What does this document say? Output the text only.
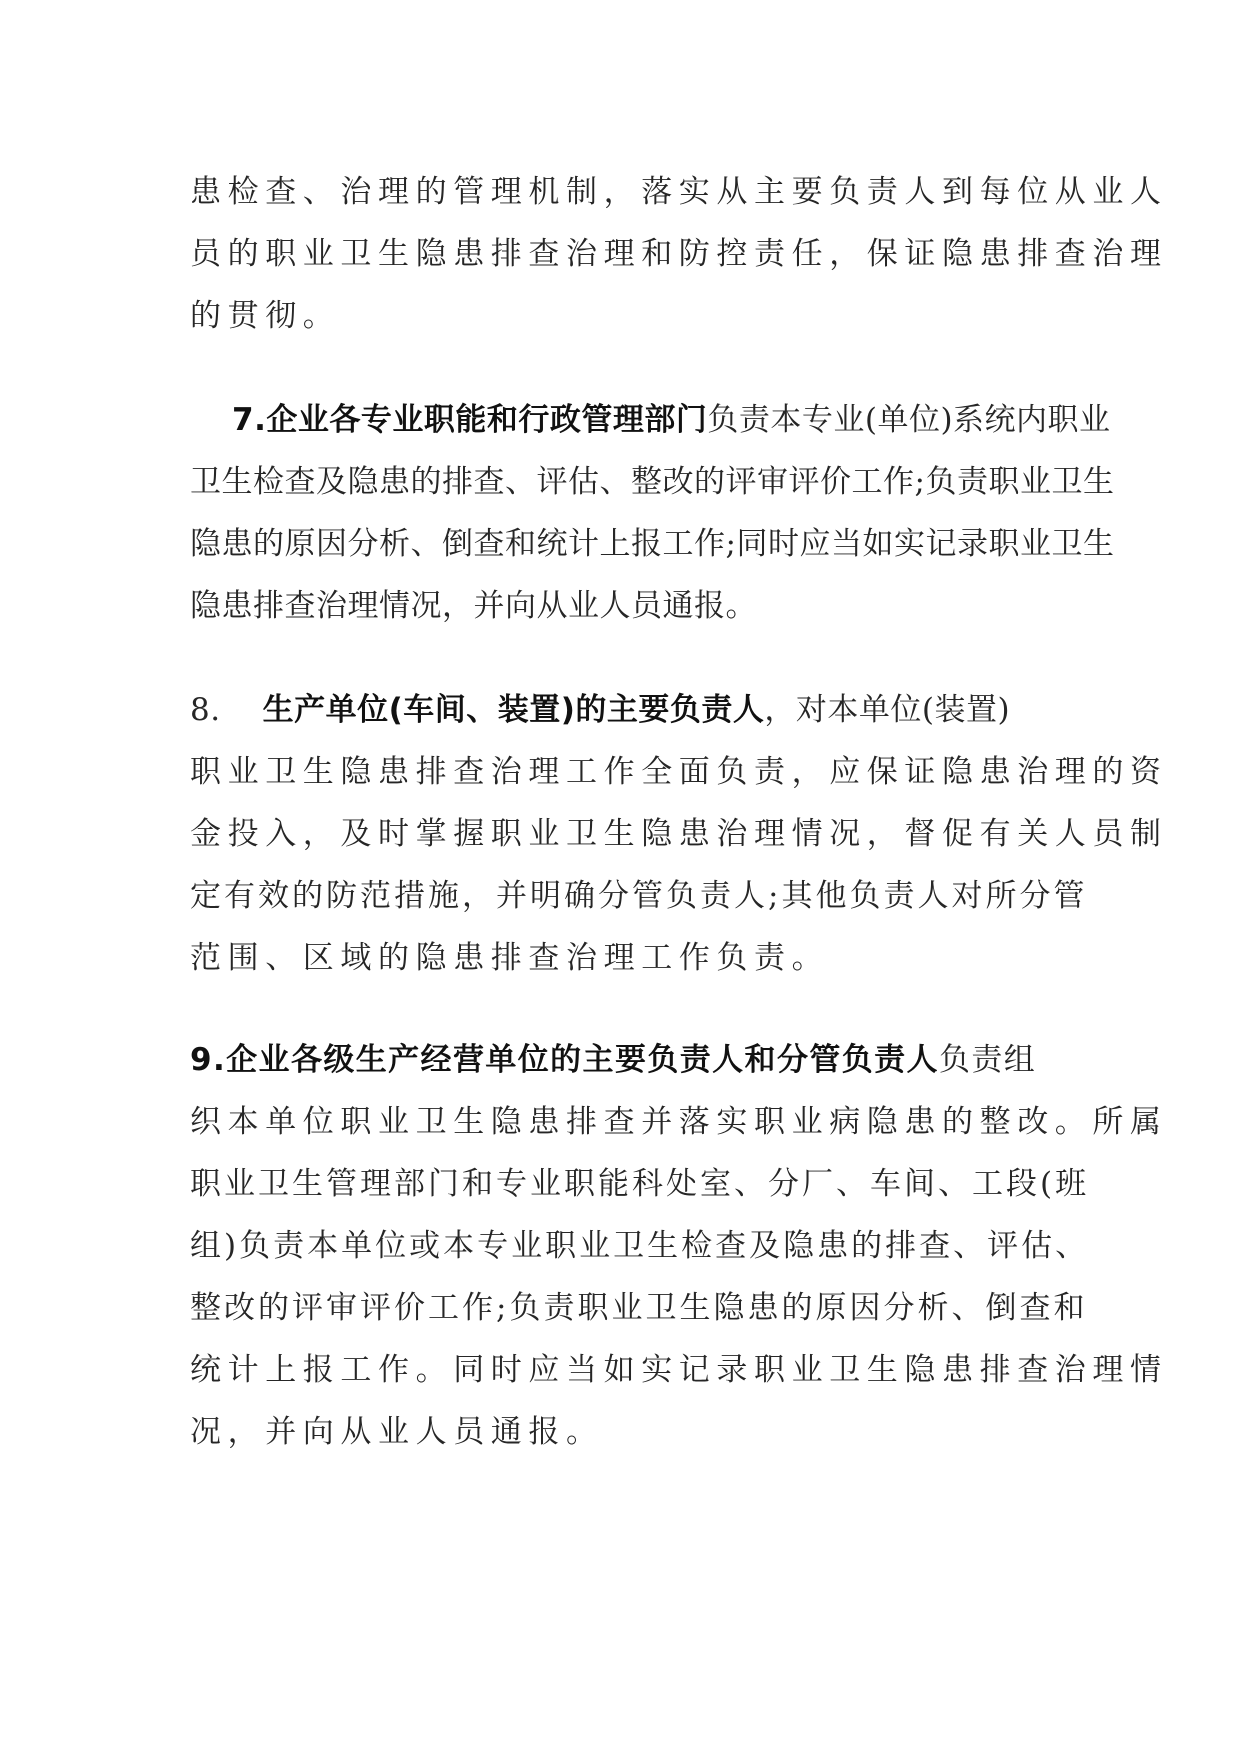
患检查、治理的管理机制，落实从主要负责人到每位从业人

员的职业卫生隐患排查治理和防控责任，保证隐患排查治理

的贯彻。

7.企业各专业职能和行政管理部门负责本专业(单位)系统内职业

卫生检查及隐患的排查、评估、整改的评审评价工作;负责职业卫生

隐患的原因分析、倒查和统计上报工作;同时应当如实记录职业卫生

隐患排查治理情况，并向从业人员通报。

8. 生产单位(车间、装置)的主要负责人，对本单位(装置)

职业卫生隐患排查治理工作全面负责，应保证隐患治理的资

金投入，及时掌握职业卫生隐患治理情况，督促有关人员制

定有效的防范措施，并明确分管负责人;其他负责人对所分管

范围、区域的隐患排查治理工作负责。

9.企业各级生产经营单位的主要负责人和分管负责人负责组

织本单位职业卫生隐患排查并落实职业病隐患的整改。所属

职业卫生管理部门和专业职能科处室、分厂、车间、工段(班

组)负责本单位或本专业职业卫生检查及隐患的排查、评估、

整改的评审评价工作;负责职业卫生隐患的原因分析、倒查和

统计上报工作。同时应当如实记录职业卫生隐患排查治理情

况，并向从业人员通报。
